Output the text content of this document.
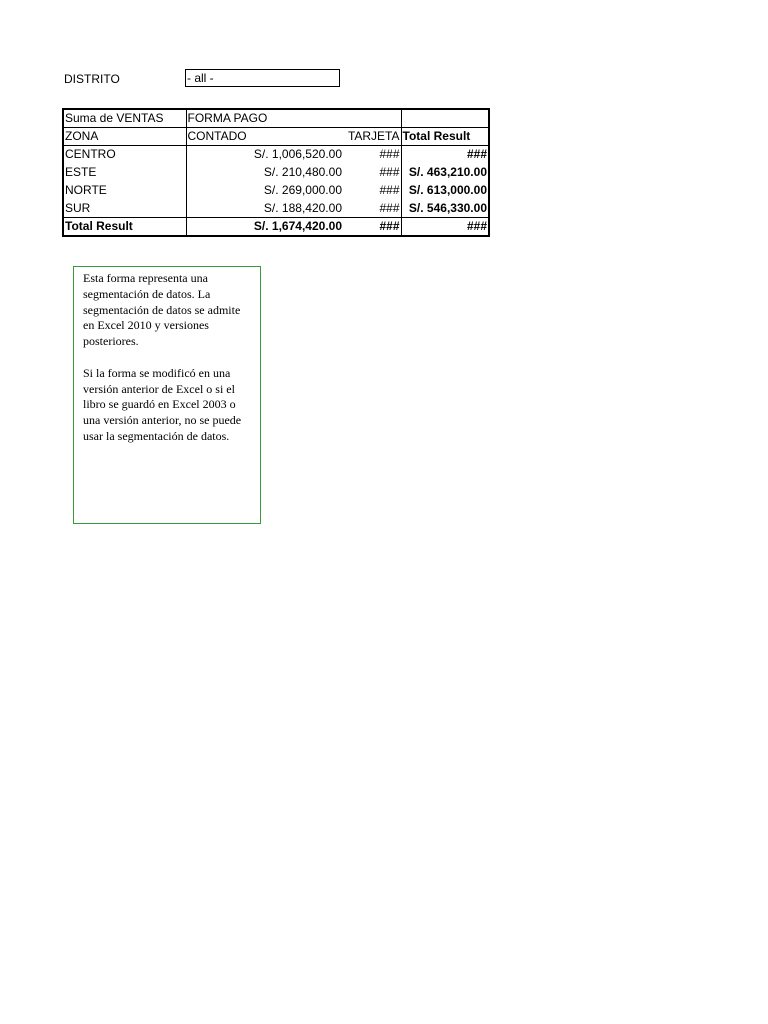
DISTRITO	- all -
Suma de VENTAS	FORMA PAGO		
ZONA	CONTADO	TARJETA	Total Result
CENTRO	S/. 1,006,520.00	###	###
ESTE	S/. 210,480.00	###	S/. 463,210.00
NORTE	S/. 269,000.00	###	S/. 613,000.00
SUR	S/. 188,420.00	###	S/. 546,330.00
Total Result	S/. 1,674,420.00	###	###

Esta forma representa una segmentación de datos. La segmentación de datos se admite en Excel 2010 y versiones posteriores.

Si la forma se modificó en una versión anterior de Excel o si el libro se guardó en Excel 2003 o una versión anterior, no se puede usar la segmentación de datos.
